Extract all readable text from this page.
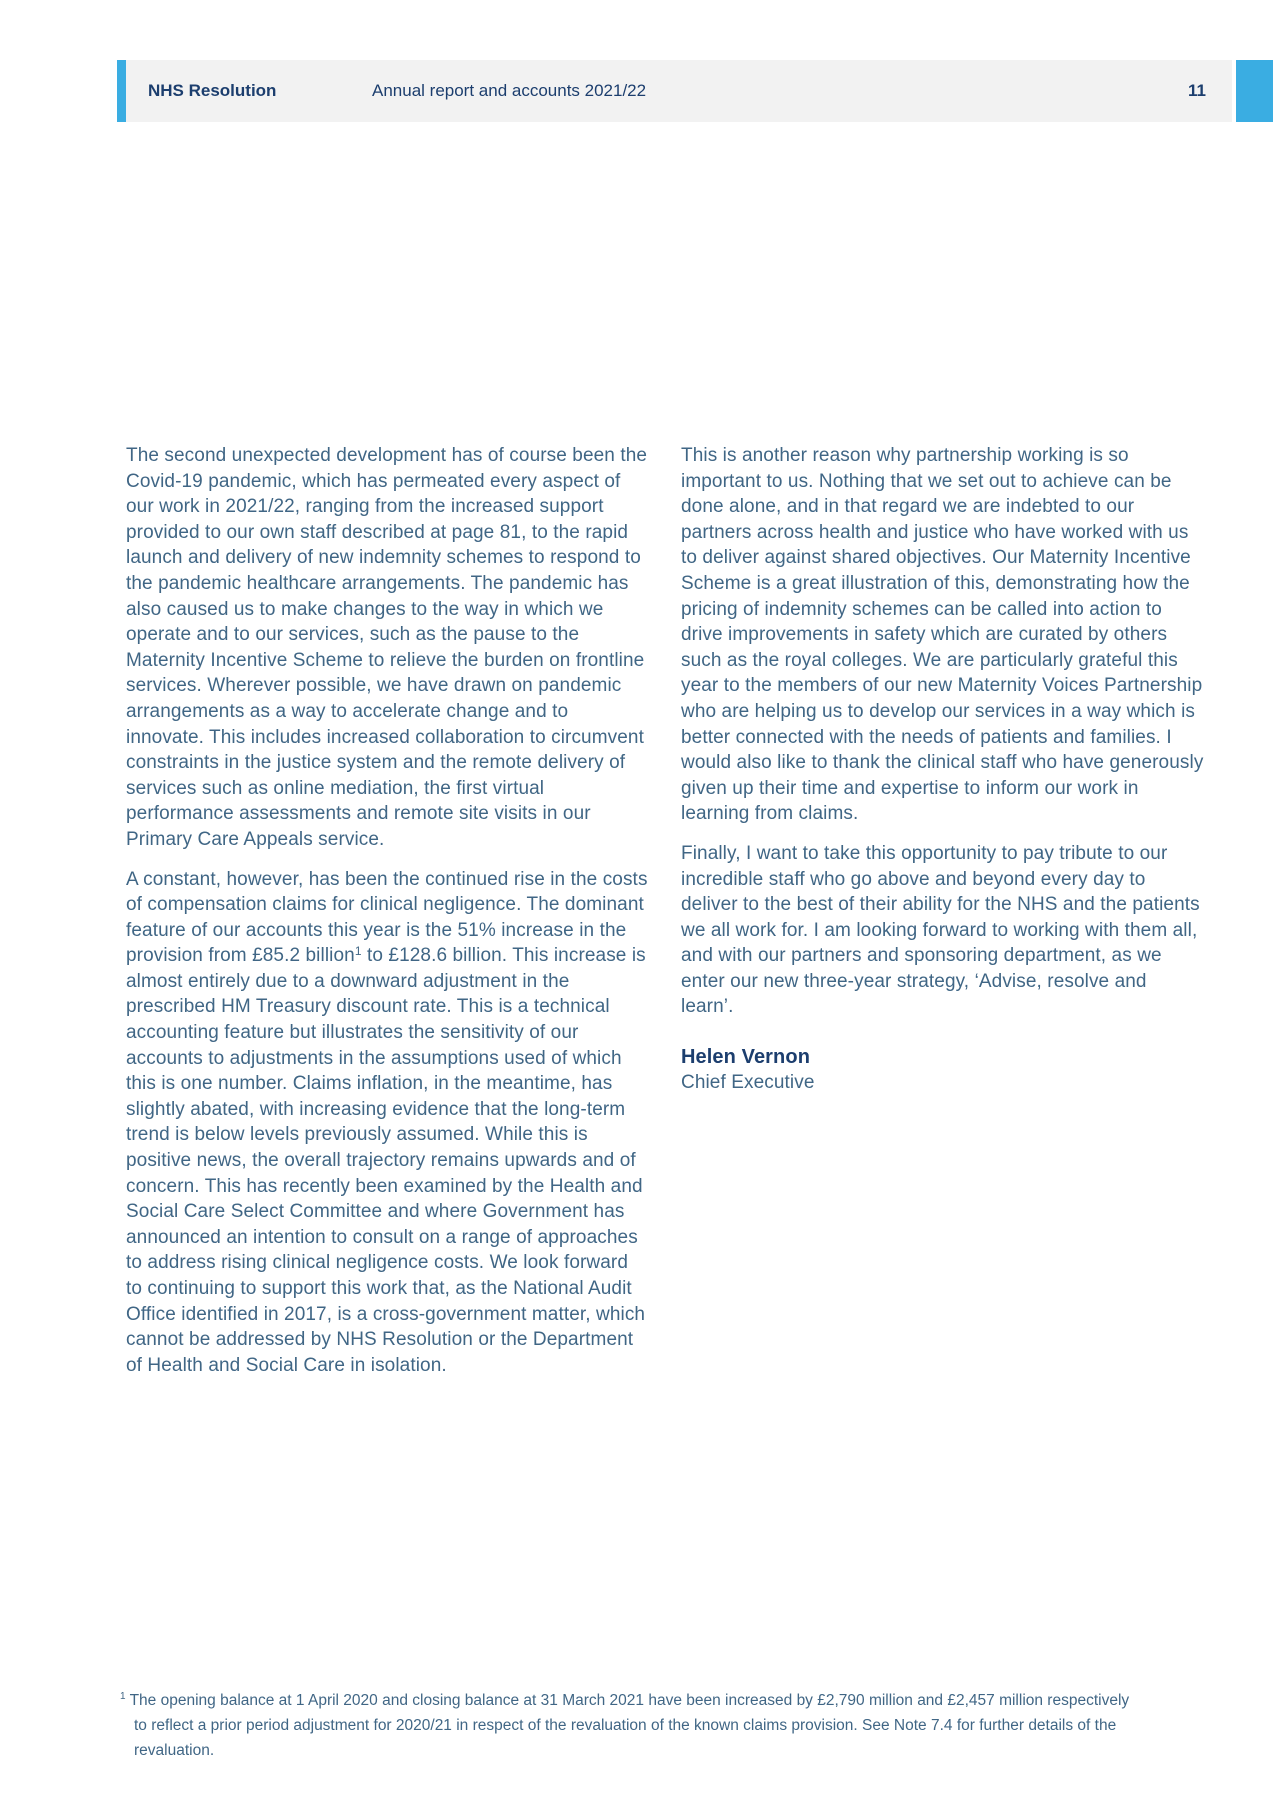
NHS Resolution	Annual report and accounts 2021/22	11

The second unexpected development has of course been the Covid-19 pandemic, which has permeated every aspect of our work in 2021/22, ranging from the increased support provided to our own staff described at page 81, to the rapid launch and delivery of new indemnity schemes to respond to the pandemic healthcare arrangements. The pandemic has also caused us to make changes to the way in which we operate and to our services, such as the pause to the Maternity Incentive Scheme to relieve the burden on frontline services. Wherever possible, we have drawn on pandemic arrangements as a way to accelerate change and to innovate. This includes increased collaboration to circumvent constraints in the justice system and the remote delivery of services such as online mediation, the first virtual performance assessments and remote site visits in our Primary Care Appeals service.

A constant, however, has been the continued rise in the costs of compensation claims for clinical negligence. The dominant feature of our accounts this year is the 51% increase in the provision from £85.2 billion$^1$ to £128.6 billion. This increase is almost entirely due to a downward adjustment in the prescribed HM Treasury discount rate. This is a technical accounting feature but illustrates the sensitivity of our accounts to adjustments in the assumptions used of which this is one number. Claims inflation, in the meantime, has slightly abated, with increasing evidence that the long-term trend is below levels previously assumed. While this is positive news, the overall trajectory remains upwards and of concern. This has recently been examined by the Health and Social Care Select Committee and where Government has announced an intention to consult on a range of approaches to address rising clinical negligence costs. We look forward to continuing to support this work that, as the National Audit Office identified in 2017, is a cross-government matter, which cannot be addressed by NHS Resolution or the Department of Health and Social Care in isolation.

This is another reason why partnership working is so important to us. Nothing that we set out to achieve can be done alone, and in that regard we are indebted to our partners across health and justice who have worked with us to deliver against shared objectives. Our Maternity Incentive Scheme is a great illustration of this, demonstrating how the pricing of indemnity schemes can be called into action to drive improvements in safety which are curated by others such as the royal colleges. We are particularly grateful this year to the members of our new Maternity Voices Partnership who are helping us to develop our services in a way which is better connected with the needs of patients and families. I would also like to thank the clinical staff who have generously given up their time and expertise to inform our work in learning from claims.

Finally, I want to take this opportunity to pay tribute to our incredible staff who go above and beyond every day to deliver to the best of their ability for the NHS and the patients we all work for. I am looking forward to working with them all, and with our partners and sponsoring department, as we enter our new three-year strategy, ‘Advise, resolve and learn’.

Helen Vernon
Chief Executive
$^1$ The opening balance at 1 April 2020 and closing balance at 31 March 2021 have been increased by £2,790 million and £2,457 million respectively to reflect a prior period adjustment for 2020/21 in respect of the revaluation of the known claims provision. See Note 7.4 for further details of the revaluation.
